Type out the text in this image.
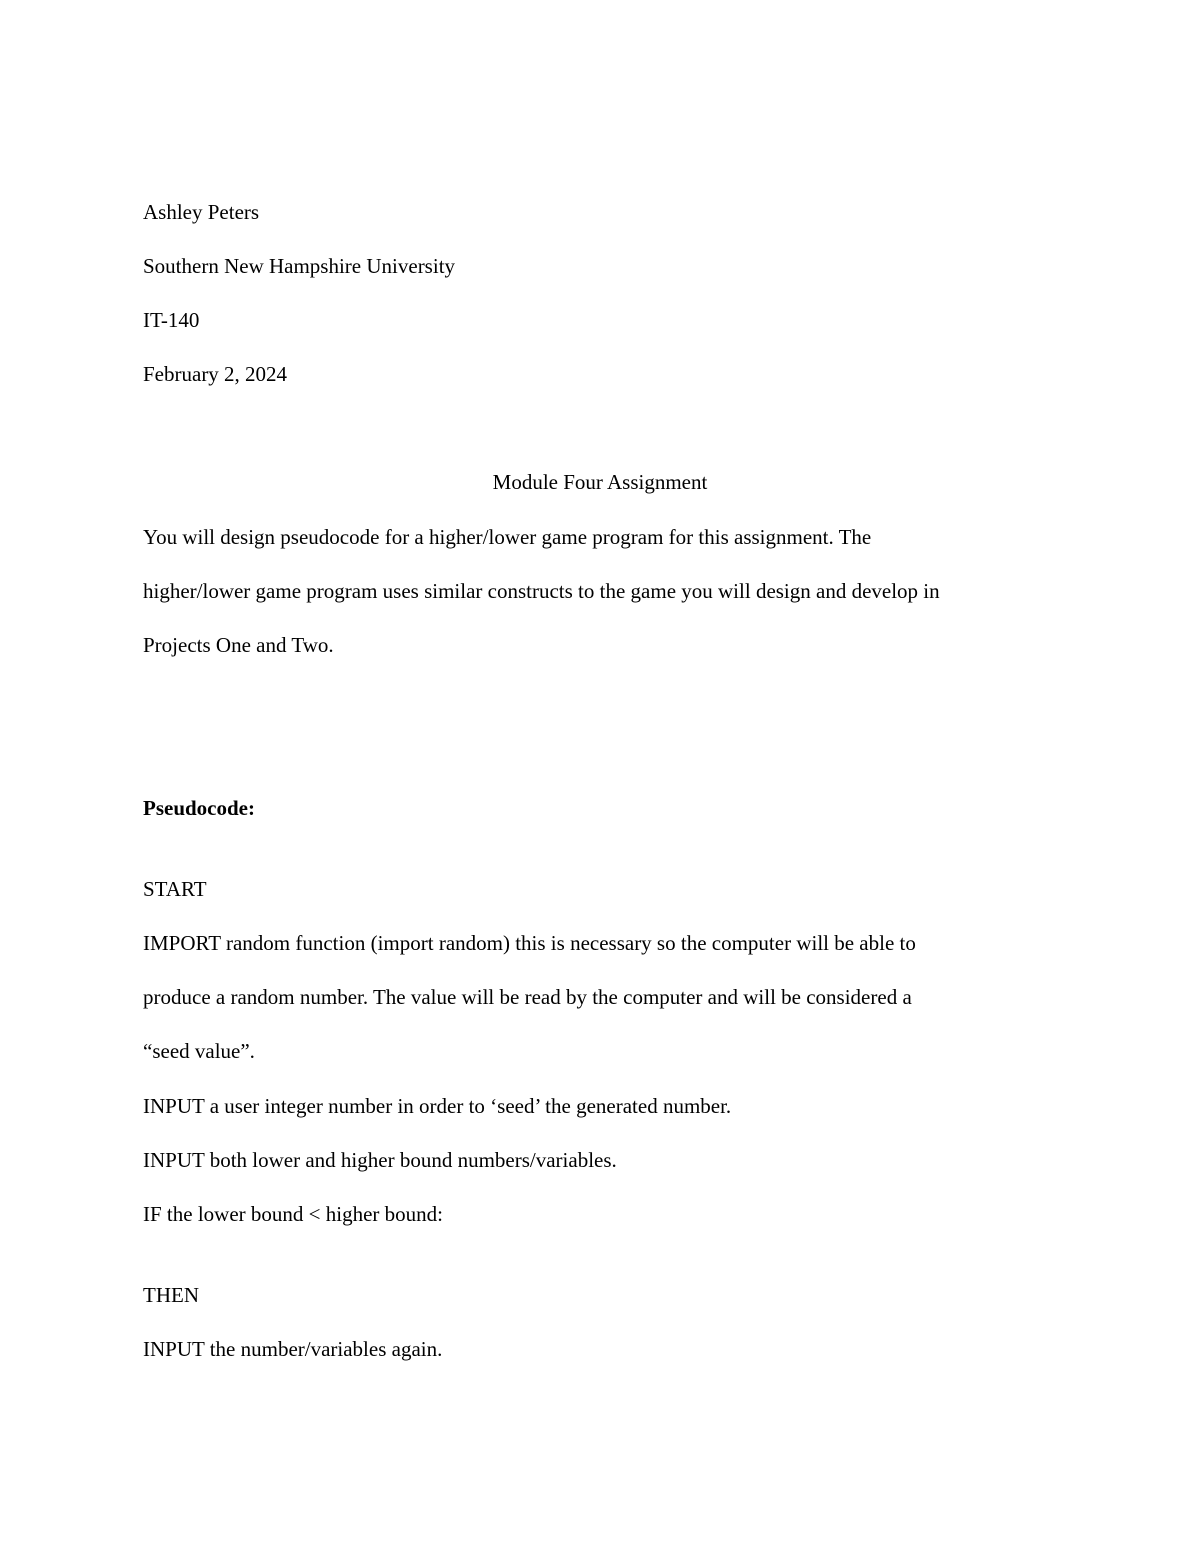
Ashley Peters
Southern New Hampshire University
IT-140
February 2, 2024
Module Four Assignment
You will design pseudocode for a higher/lower game program for this assignment. The
higher/lower game program uses similar constructs to the game you will design and develop in
Projects One and Two.
Pseudocode:
START
IMPORT random function (import random) this is necessary so the computer will be able to
produce a random number. The value will be read by the computer and will be considered a
“seed value”.
INPUT a user integer number in order to ‘seed’ the generated number.
INPUT both lower and higher bound numbers/variables.
IF the lower bound < higher bound:
THEN
INPUT the number/variables again.
